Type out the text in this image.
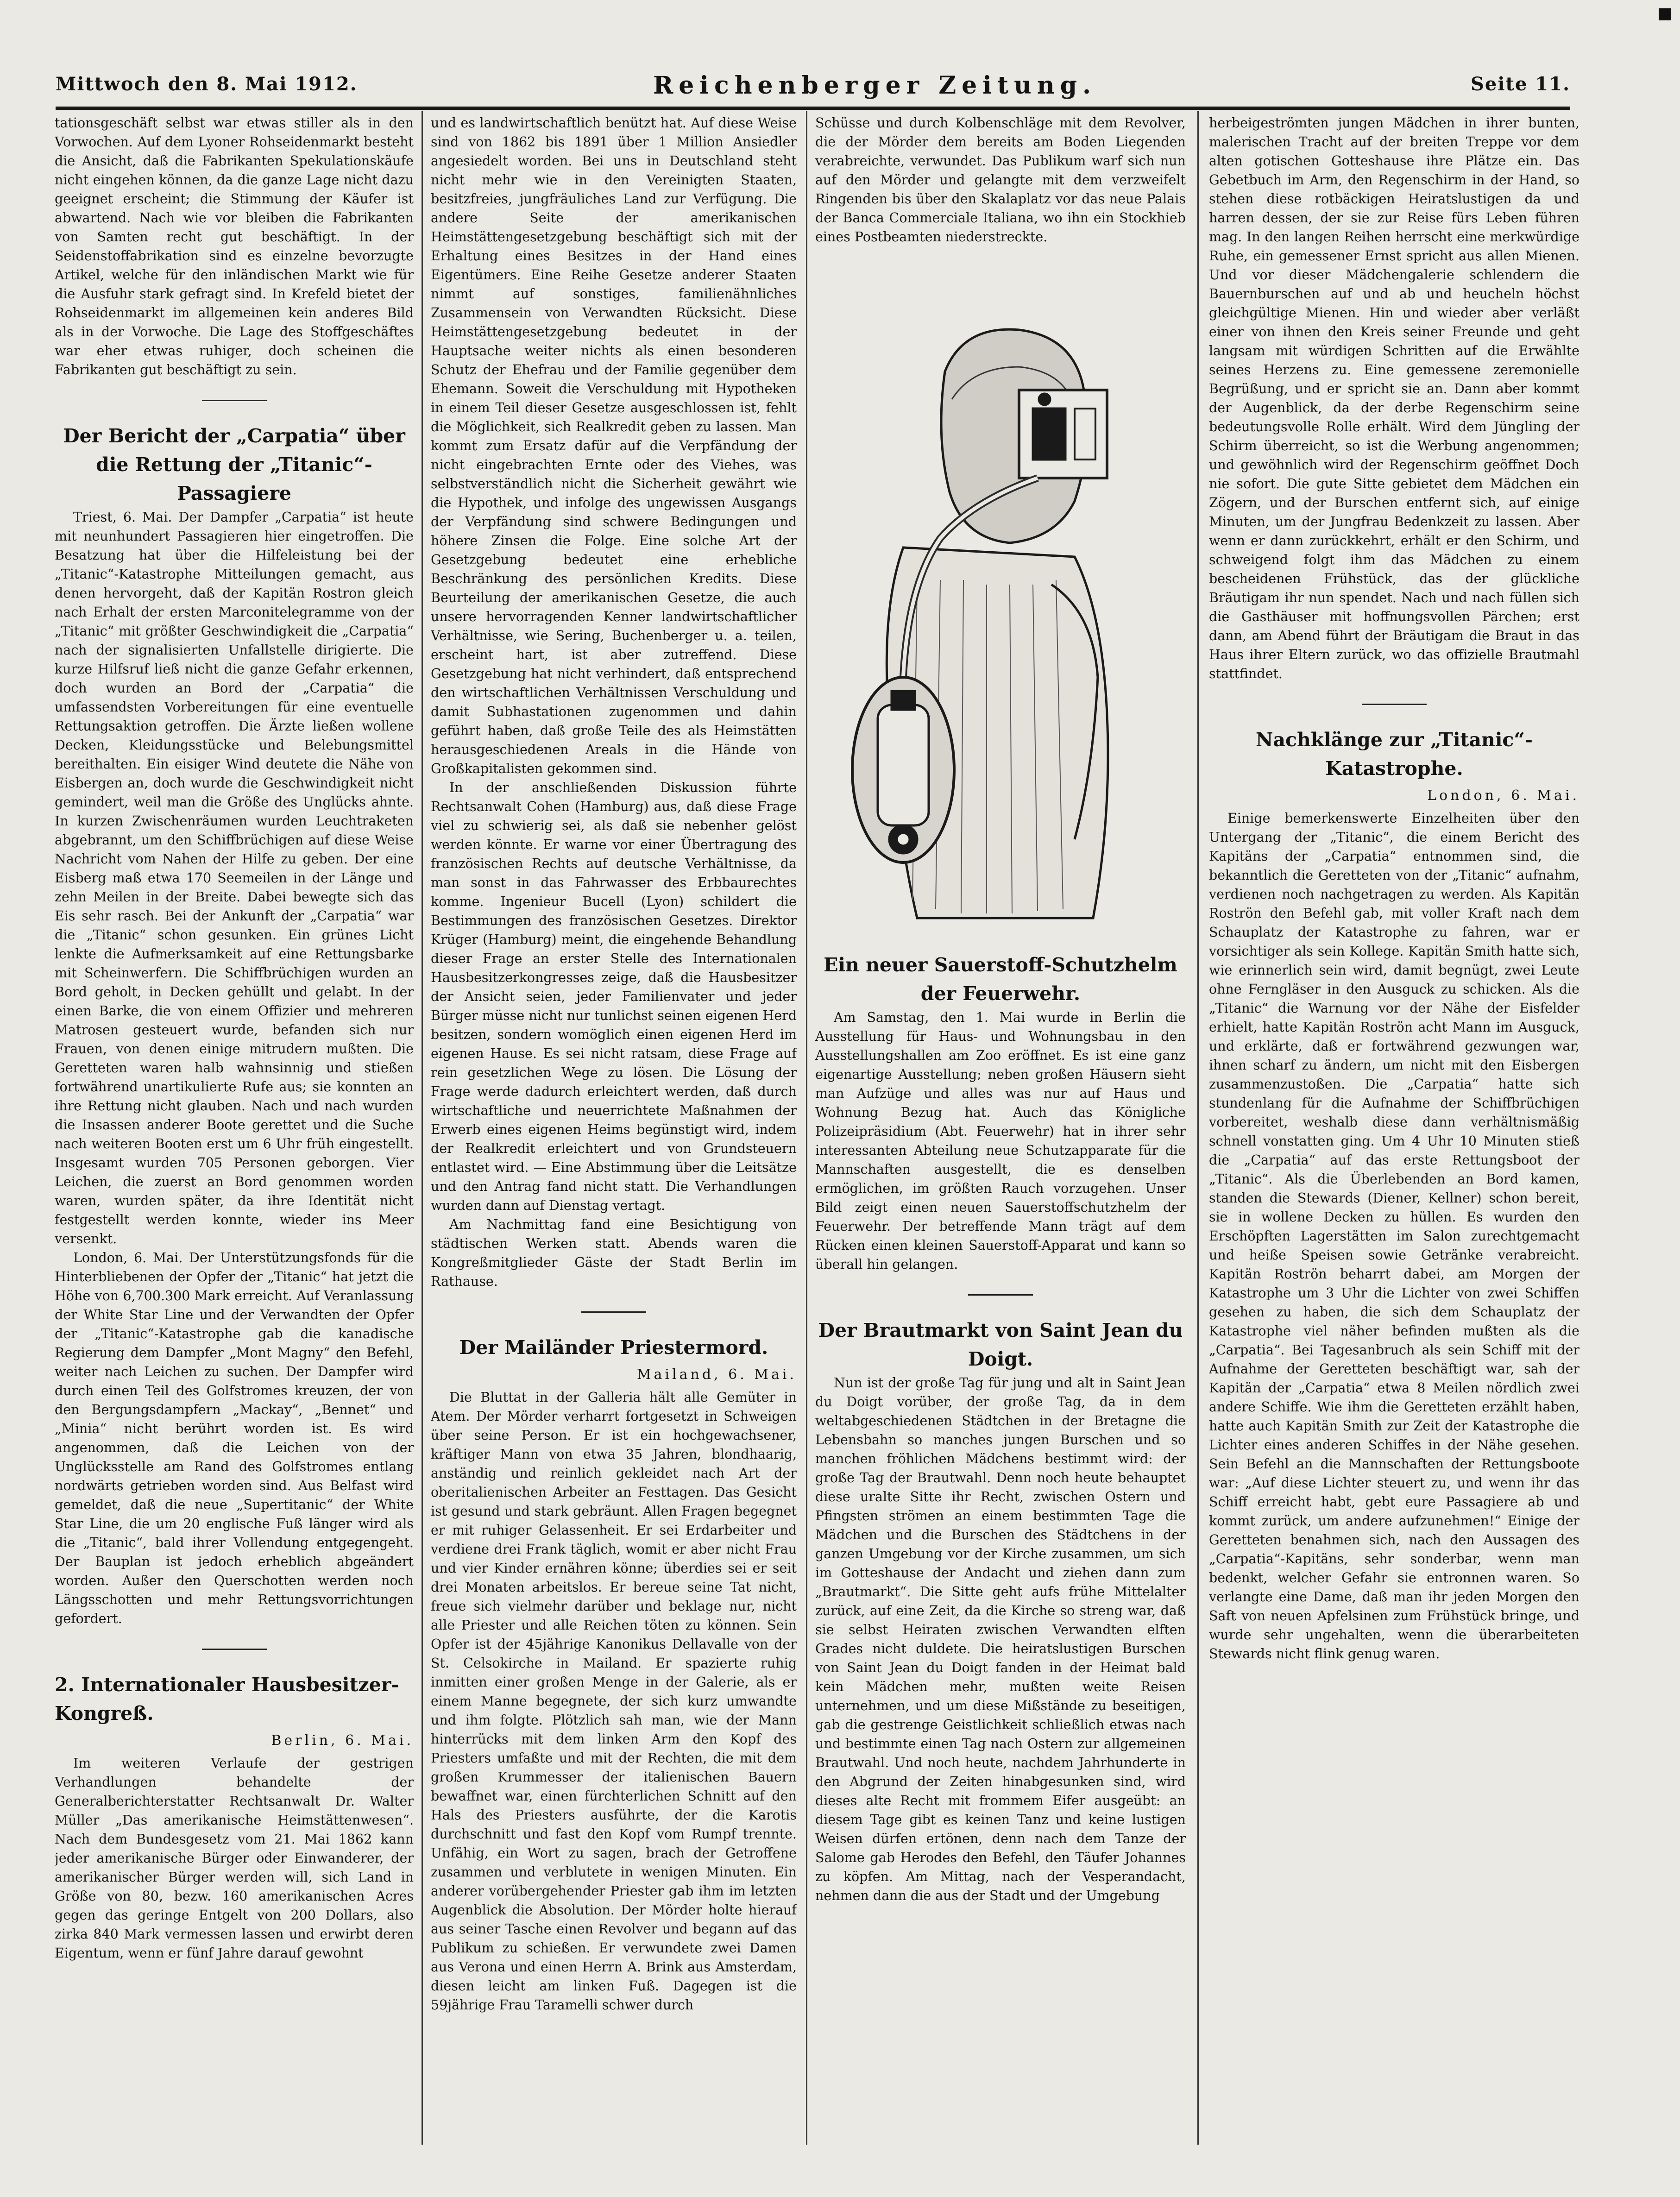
Mittwoch den 8. Mai 1912.	Reichenberger Zeitung.	Seite 11.

tationsgeschäft selbst war etwas stiller als in den Vorwochen. Auf dem Lyoner Rohseidenmarkt besteht die Ansicht, daß die Fabrikanten Spekulationskäufe nicht eingehen können, da die ganze Lage nicht dazu geeignet erscheint; die Stimmung der Käufer ist abwartend. Nach wie vor bleiben die Fabrikanten von Samten recht gut beschäftigt. In der Seidenstoffabrikation sind es einzelne bevorzugte Artikel, welche für den inländischen Markt wie für die Ausfuhr stark gefragt sind. In Krefeld bietet der Rohseidenmarkt im allgemeinen kein anderes Bild als in der Vorwoche. Die Lage des Stoffgeschäftes war eher etwas ruhiger, doch scheinen die Fabrikanten gut beschäftigt zu sein.

Der Bericht der „Carpatia“ über die Rettung der „Titanic“-Passagiere

Triest, 6. Mai. Der Dampfer „Carpatia“ ist heute mit neunhundert Passagieren hier eingetroffen. Die Besatzung hat über die Hilfeleistung bei der „Titanic“-Katastrophe Mitteilungen gemacht, aus denen hervorgeht, daß der Kapitän Rostron gleich nach Erhalt der ersten Marconitelegramme von der „Titanic“ mit größter Geschwindigkeit die „Carpatia“ nach der signalisierten Unfallstelle dirigierte. Die kurze Hilfsruf ließ nicht die ganze Gefahr erkennen, doch wurden an Bord der „Carpatia“ die umfassendsten Vorbereitungen für eine eventuelle Rettungsaktion getroffen. Die Ärzte ließen wollene Decken, Kleidungsstücke und Belebungsmittel bereithalten. Ein eisiger Wind deutete die Nähe von Eisbergen an, doch wurde die Geschwindigkeit nicht gemindert, weil man die Größe des Unglücks ahnte. In kurzen Zwischenräumen wurden Leuchtraketen abgebrannt, um den Schiffbrüchigen auf diese Weise Nachricht vom Nahen der Hilfe zu geben. Der eine Eisberg maß etwa 170 Seemeilen in der Länge und zehn Meilen in der Breite. Dabei bewegte sich das Eis sehr rasch. Bei der Ankunft der „Carpatia“ war die „Titanic“ schon gesunken. Ein grünes Licht lenkte die Aufmerksamkeit auf eine Rettungsbarke mit Scheinwerfern. Die Schiffbrüchigen wurden an Bord geholt, in Decken gehüllt und gelabt. In der einen Barke, die von einem Offizier und mehreren Matrosen gesteuert wurde, befanden sich nur Frauen, von denen einige mitrudern mußten. Die Geretteten waren halb wahnsinnig und stießen fortwährend unartikulierte Rufe aus; sie konnten an ihre Rettung nicht glauben. Nach und nach wurden die Insassen anderer Boote gerettet und die Suche nach weiteren Booten erst um 6 Uhr früh eingestellt. Insgesamt wurden 705 Personen geborgen. Vier Leichen, die zuerst an Bord genommen worden waren, wurden später, da ihre Identität nicht festgestellt werden konnte, wieder ins Meer versenkt.

London, 6. Mai. Der Unterstützungsfonds für die Hinterbliebenen der Opfer der „Titanic“ hat jetzt die Höhe von 6,700.300 Mark erreicht. Auf Veranlassung der White Star Line und der Verwandten der Opfer der „Titanic“-Katastrophe gab die kanadische Regierung dem Dampfer „Mont Magny“ den Befehl, weiter nach Leichen zu suchen. Der Dampfer wird durch einen Teil des Golfstromes kreuzen, der von den Bergungsdampfern „Mackay“, „Bennet“ und „Minia“ nicht berührt worden ist. Es wird angenommen, daß die Leichen von der Unglücksstelle am Rand des Golfstromes entlang nordwärts getrieben worden sind. Aus Belfast wird gemeldet, daß die neue „Supertitanic“ der White Star Line, die um 20 englische Fuß länger wird als die „Titanic“, bald ihrer Vollendung entgegengeht. Der Bauplan ist jedoch erheblich abgeändert worden. Außer den Querschotten werden noch Längsschotten und mehr Rettungsvorrichtungen gefordert.

2. Internationaler Hausbesitzer-Kongreß.
Berlin, 6. Mai.

Im weiteren Verlaufe der gestrigen Verhandlungen behandelte der Generalberichterstatter Rechtsanwalt Dr. Walter Müller „Das amerikanische Heimstättenwesen“. Nach dem Bundesgesetz vom 21. Mai 1862 kann jeder amerikanische Bürger oder Einwanderer, der amerikanischer Bürger werden will, sich Land in Größe von 80, bezw. 160 amerikanischen Acres gegen das geringe Entgelt von 200 Dollars, also zirka 840 Mark vermessen lassen und erwirbt deren Eigentum, wenn er fünf Jahre darauf gewohnt

und es landwirtschaftlich benützt hat. Auf diese Weise sind von 1862 bis 1891 über 1 Million Ansiedler angesiedelt worden. Bei uns in Deutschland steht nicht mehr wie in den Vereinigten Staaten, besitzfreies, jungfräuliches Land zur Verfügung. Die andere Seite der amerikanischen Heimstättengesetzgebung beschäftigt sich mit der Erhaltung eines Besitzes in der Hand eines Eigentümers. Eine Reihe Gesetze anderer Staaten nimmt auf sonstiges, familienähnliches Zusammensein von Verwandten Rücksicht. Diese Heimstättengesetzgebung bedeutet in der Hauptsache weiter nichts als einen besonderen Schutz der Ehefrau und der Familie gegenüber dem Ehemann. Soweit die Verschuldung mit Hypotheken in einem Teil dieser Gesetze ausgeschlossen ist, fehlt die Möglichkeit, sich Realkredit geben zu lassen. Man kommt zum Ersatz dafür auf die Verpfändung der nicht eingebrachten Ernte oder des Viehes, was selbstverständlich nicht die Sicherheit gewährt wie die Hypothek, und infolge des ungewissen Ausgangs der Verpfändung sind schwere Bedingungen und höhere Zinsen die Folge. Eine solche Art der Gesetzgebung bedeutet eine erhebliche Beschränkung des persönlichen Kredits. Diese Beurteilung der amerikanischen Gesetze, die auch unsere hervorragenden Kenner landwirtschaftlicher Verhältnisse, wie Sering, Buchenberger u. a. teilen, erscheint hart, ist aber zutreffend. Diese Gesetzgebung hat nicht verhindert, daß entsprechend den wirtschaftlichen Verhältnissen Verschuldung und damit Subhastationen zugenommen und dahin geführt haben, daß große Teile des als Heimstätten herausgeschiedenen Areals in die Hände von Großkapitalisten gekommen sind.

In der anschließenden Diskussion führte Rechtsanwalt Cohen (Hamburg) aus, daß diese Frage viel zu schwierig sei, als daß sie nebenher gelöst werden könnte. Er warne vor einer Übertragung des französischen Rechts auf deutsche Verhältnisse, da man sonst in das Fahrwasser des Erbbaurechtes komme. Ingenieur Bucell (Lyon) schildert die Bestimmungen des französischen Gesetzes. Direktor Krüger (Hamburg) meint, die eingehende Behandlung dieser Frage an erster Stelle des Internationalen Hausbesitzerkongresses zeige, daß die Hausbesitzer der Ansicht seien, jeder Familienvater und jeder Bürger müsse nicht nur tunlichst seinen eigenen Herd besitzen, sondern womöglich einen eigenen Herd im eigenen Hause. Es sei nicht ratsam, diese Frage auf rein gesetzlichen Wege zu lösen. Die Lösung der Frage werde dadurch erleichtert werden, daß durch wirtschaftliche und neuerrichtete Maßnahmen der Erwerb eines eigenen Heims begünstigt wird, indem der Realkredit erleichtert und von Grundsteuern entlastet wird. — Eine Abstimmung über die Leitsätze und den Antrag fand nicht statt. Die Verhandlungen wurden dann auf Dienstag vertagt.

Am Nachmittag fand eine Besichtigung von städtischen Werken statt. Abends waren die Kongreßmitglieder Gäste der Stadt Berlin im Rathause.

Der Mailänder Priestermord.
Mailand, 6. Mai.

Die Bluttat in der Galleria hält alle Gemüter in Atem. Der Mörder verharrt fortgesetzt in Schweigen über seine Person. Er ist ein hochgewachsener, kräftiger Mann von etwa 35 Jahren, blondhaarig, anständig und reinlich gekleidet nach Art der oberitalienischen Arbeiter an Festtagen. Das Gesicht ist gesund und stark gebräunt. Allen Fragen begegnet er mit ruhiger Gelassenheit. Er sei Erdarbeiter und verdiene drei Frank täglich, womit er aber nicht Frau und vier Kinder ernähren könne; überdies sei er seit drei Monaten arbeitslos. Er bereue seine Tat nicht, freue sich vielmehr darüber und beklage nur, nicht alle Priester und alle Reichen töten zu können. Sein Opfer ist der 45jährige Kanonikus Dellavalle von der St. Celsokirche in Mailand. Er spazierte ruhig inmitten einer großen Menge in der Galerie, als er einem Manne begegnete, der sich kurz umwandte und ihm folgte. Plötzlich sah man, wie der Mann hinterrücks mit dem linken Arm den Kopf des Priesters umfaßte und mit der Rechten, die mit dem großen Krummesser der italienischen Bauern bewaffnet war, einen fürchterlichen Schnitt auf den Hals des Priesters ausführte, der die Karotis durchschnitt und fast den Kopf vom Rumpf trennte. Unfähig, ein Wort zu sagen, brach der Getroffene zusammen und verblutete in wenigen Minuten. Ein anderer vorübergehender Priester gab ihm im letzten Augenblick die Absolution. Der Mörder holte hierauf aus seiner Tasche einen Revolver und begann auf das Publikum zu schießen. Er verwundete zwei Damen aus Verona und einen Herrn A. Brink aus Amsterdam, diesen leicht am linken Fuß. Dagegen ist die 59jährige Frau Taramelli schwer durch

Schüsse und durch Kolbenschläge mit dem Revolver, die der Mörder dem bereits am Boden Liegenden verabreichte, verwundet. Das Publikum warf sich nun auf den Mörder und gelangte mit dem verzweifelt Ringenden bis über den Skalaplatz vor das neue Palais der Banca Commerciale Italiana, wo ihn ein Stockhieb eines Postbeamten niederstreckte.

Ein neuer Sauerstoff-Schutzhelm der Feuerwehr.

Am Samstag, den 1. Mai wurde in Berlin die Ausstellung für Haus- und Wohnungsbau in den Ausstellungshallen am Zoo eröffnet. Es ist eine ganz eigenartige Ausstellung; neben großen Häusern sieht man Aufzüge und alles was nur auf Haus und Wohnung Bezug hat. Auch das Königliche Polizeipräsidium (Abt. Feuerwehr) hat in ihrer sehr interessanten Abteilung neue Schutzapparate für die Mannschaften ausgestellt, die es denselben ermöglichen, im größten Rauch vorzugehen. Unser Bild zeigt einen neuen Sauerstoffschutzhelm der Feuerwehr. Der betreffende Mann trägt auf dem Rücken einen kleinen Sauerstoff-Apparat und kann so überall hin gelangen.

Der Brautmarkt von Saint Jean du Doigt.

Nun ist der große Tag für jung und alt in Saint Jean du Doigt vorüber, der große Tag, da in dem weltabgeschiedenen Städtchen in der Bretagne die Lebensbahn so manches jungen Burschen und so manchen fröhlichen Mädchens bestimmt wird: der große Tag der Brautwahl. Denn noch heute behauptet diese uralte Sitte ihr Recht, zwischen Ostern und Pfingsten strömen an einem bestimmten Tage die Mädchen und die Burschen des Städtchens in der ganzen Umgebung vor der Kirche zusammen, um sich im Gotteshause der Andacht und ziehen dann zum „Brautmarkt“. Die Sitte geht aufs frühe Mittelalter zurück, auf eine Zeit, da die Kirche so streng war, daß sie selbst Heiraten zwischen Verwandten elften Grades nicht duldete. Die heiratslustigen Burschen von Saint Jean du Doigt fanden in der Heimat bald kein Mädchen mehr, mußten weite Reisen unternehmen, und um diese Mißstände zu beseitigen, gab die gestrenge Geistlichkeit schließlich etwas nach und bestimmte einen Tag nach Ostern zur allgemeinen Brautwahl. Und noch heute, nachdem Jahrhunderte in den Abgrund der Zeiten hinabgesunken sind, wird dieses alte Recht mit frommem Eifer ausgeübt: an diesem Tage gibt es keinen Tanz und keine lustigen Weisen dürfen ertönen, denn nach dem Tanze der Salome gab Herodes den Befehl, den Täufer Johannes zu köpfen. Am Mittag, nach der Vesperandacht, nehmen dann die aus der Stadt und der Umgebung

herbeigeströmten jungen Mädchen in ihrer bunten, malerischen Tracht auf der breiten Treppe vor dem alten gotischen Gotteshause ihre Plätze ein. Das Gebetbuch im Arm, den Regenschirm in der Hand, so stehen diese rotbäckigen Heiratslustigen da und harren dessen, der sie zur Reise fürs Leben führen mag. In den langen Reihen herrscht eine merkwürdige Ruhe, ein gemessener Ernst spricht aus allen Mienen. Und vor dieser Mädchengalerie schlendern die Bauernburschen auf und ab und heucheln höchst gleichgültige Mienen. Hin und wieder aber verläßt einer von ihnen den Kreis seiner Freunde und geht langsam mit würdigen Schritten auf die Erwählte seines Herzens zu. Eine gemessene zeremonielle Begrüßung, und er spricht sie an. Dann aber kommt der Augenblick, da der derbe Regenschirm seine bedeutungsvolle Rolle erhält. Wird dem Jüngling der Schirm überreicht, so ist die Werbung angenommen; und gewöhnlich wird der Regenschirm geöffnet Doch nie sofort. Die gute Sitte gebietet dem Mädchen ein Zögern, und der Burschen entfernt sich, auf einige Minuten, um der Jungfrau Bedenkzeit zu lassen. Aber wenn er dann zurückkehrt, erhält er den Schirm, und schweigend folgt ihm das Mädchen zu einem bescheidenen Frühstück, das der glückliche Bräutigam ihr nun spendet. Nach und nach füllen sich die Gasthäuser mit hoffnungsvollen Pärchen; erst dann, am Abend führt der Bräutigam die Braut in das Haus ihrer Eltern zurück, wo das offizielle Brautmahl stattfindet.

Nachklänge zur „Titanic“-Katastrophe.
London, 6. Mai.

Einige bemerkenswerte Einzelheiten über den Untergang der „Titanic“, die einem Bericht des Kapitäns der „Carpatia“ entnommen sind, die bekanntlich die Geretteten von der „Titanic“ aufnahm, verdienen noch nachgetragen zu werden. Als Kapitän Roströn den Befehl gab, mit voller Kraft nach dem Schauplatz der Katastrophe zu fahren, war er vorsichtiger als sein Kollege. Kapitän Smith hatte sich, wie erinnerlich sein wird, damit begnügt, zwei Leute ohne Ferngläser in den Ausguck zu schicken. Als die „Titanic“ die Warnung vor der Nähe der Eisfelder erhielt, hatte Kapitän Roströn acht Mann im Ausguck, und erklärte, daß er fortwährend gezwungen war, ihnen scharf zu ändern, um nicht mit den Eisbergen zusammenzustoßen. Die „Carpatia“ hatte sich stundenlang für die Aufnahme der Schiffbrüchigen vorbereitet, weshalb diese dann verhältnismäßig schnell vonstatten ging. Um 4 Uhr 10 Minuten stieß die „Carpatia“ auf das erste Rettungsboot der „Titanic“. Als die Überlebenden an Bord kamen, standen die Stewards (Diener, Kellner) schon bereit, sie in wollene Decken zu hüllen. Es wurden den Erschöpften Lagerstätten im Salon zurechtgemacht und heiße Speisen sowie Getränke verabreicht. Kapitän Roströn beharrt dabei, am Morgen der Katastrophe um 3 Uhr die Lichter von zwei Schiffen gesehen zu haben, die sich dem Schauplatz der Katastrophe viel näher befinden mußten als die „Carpatia“. Bei Tagesanbruch als sein Schiff mit der Aufnahme der Geretteten beschäftigt war, sah der Kapitän der „Carpatia“ etwa 8 Meilen nördlich zwei andere Schiffe. Wie ihm die Geretteten erzählt haben, hatte auch Kapitän Smith zur Zeit der Katastrophe die Lichter eines anderen Schiffes in der Nähe gesehen. Sein Befehl an die Mannschaften der Rettungsboote war: „Auf diese Lichter steuert zu, und wenn ihr das Schiff erreicht habt, gebt eure Passagiere ab und kommt zurück, um andere aufzunehmen!“ Einige der Geretteten benahmen sich, nach den Aussagen des „Carpatia“-Kapitäns, sehr sonderbar, wenn man bedenkt, welcher Gefahr sie entronnen waren. So verlangte eine Dame, daß man ihr jeden Morgen den Saft von neuen Apfelsinen zum Frühstück bringe, und wurde sehr ungehalten, wenn die überarbeiteten Stewards nicht flink genug waren.
